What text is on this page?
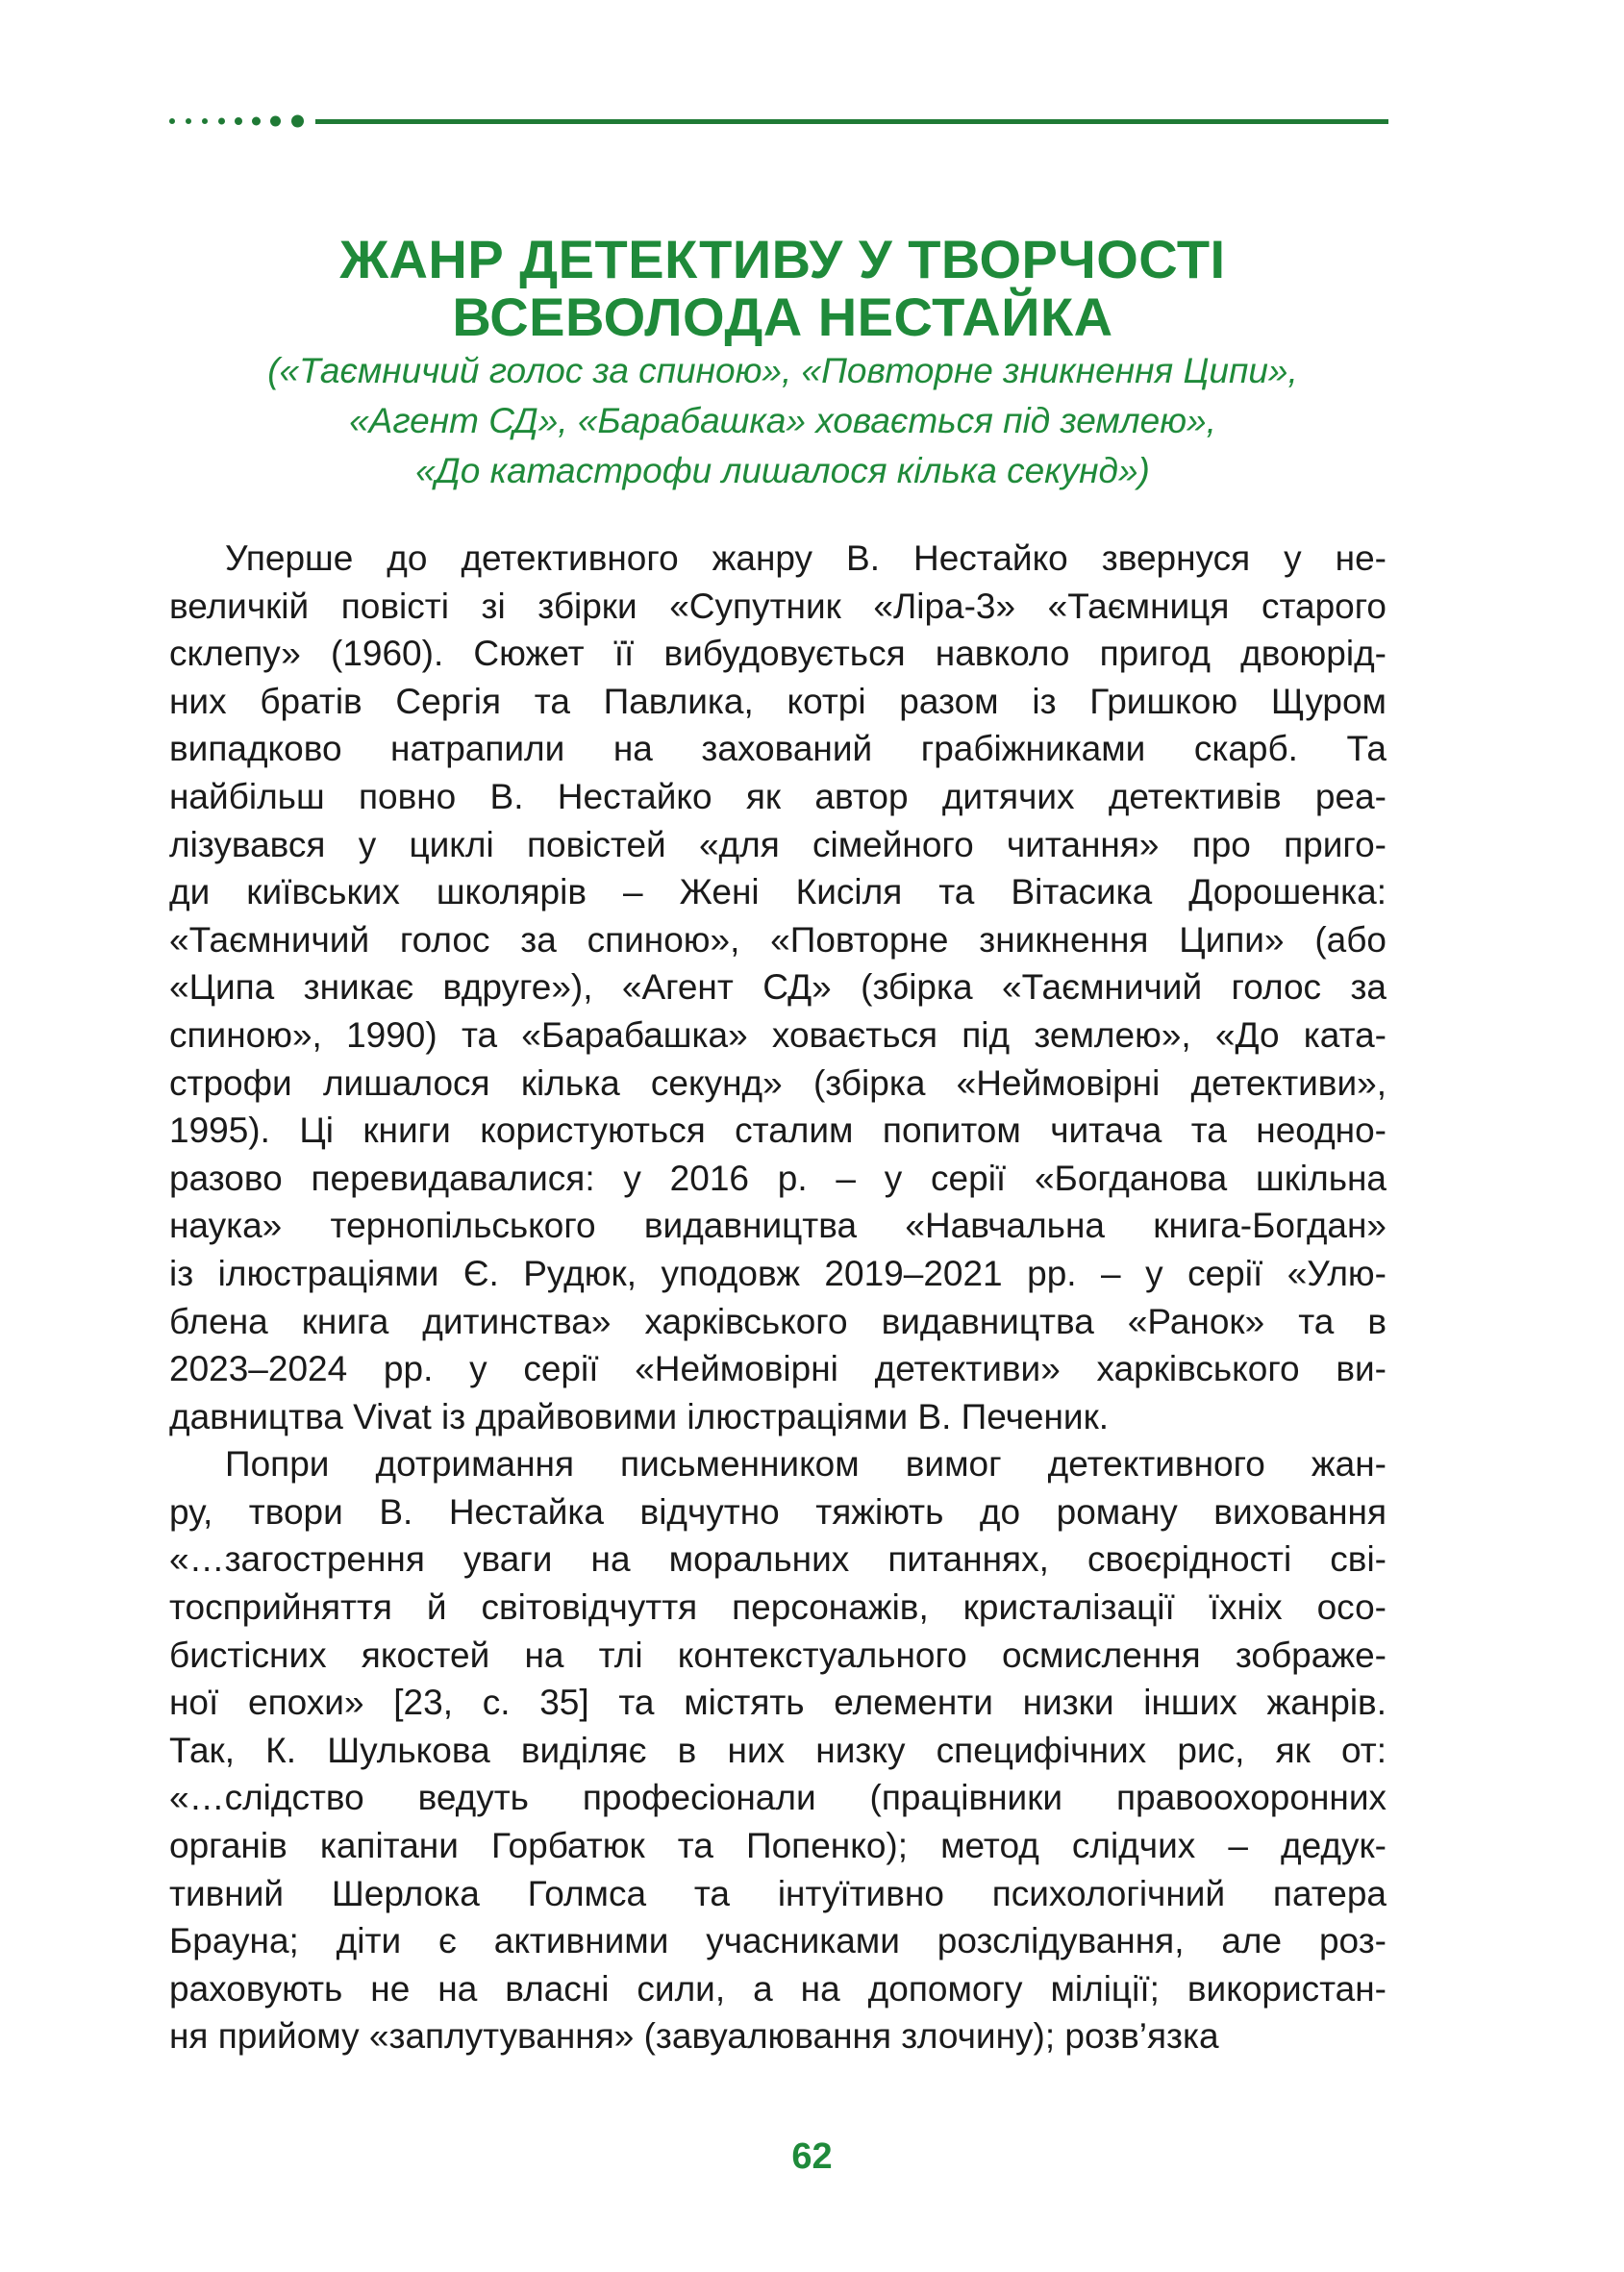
ЖАНР ДЕТЕКТИВУ У ТВОРЧОСТІ
ВСЕВОЛОДА НЕСТАЙКА
(«Таємничий голос за спиною», «Повторне зникнення Ципи»,
«Агент СД», «Барабашка» ховається під землею»,
«До катастрофи лишалося кілька секунд»)
Уперше до детективного жанру В. Нестайко звернуся у не-
величкій повісті зі збірки «Супутник «Ліра-3» «Таємниця старого
склепу» (1960). Сюжет її вибудовується навколо пригод двоюрід-
них братів Сергія та Павлика, котрі разом із Гришкою Щуром
випадково натрапили на захований грабіжниками скарб. Та
найбільш повно В. Нестайко як автор дитячих детективів реа-
лізувався у циклі повістей «для сімейного читання» про приго-
ди київських школярів – Жені Кисіля та Вітасика Дорошенка:
«Таємничий голос за спиною», «Повторне зникнення Ципи» (або
«Ципа зникає вдруге»), «Агент СД» (збірка «Таємничий голос за
спиною», 1990) та «Барабашка» ховається під землею», «До ката-
строфи лишалося кілька секунд» (збірка «Неймовірні детективи»,
1995). Ці книги користуються сталим попитом читача та неодно-
разово перевидавалися: у 2016 р. – у серії «Богданова шкільна
наука» тернопільського видавництва «Навчальна книга-Богдан»
із ілюстраціями Є. Рудюк, уподовж 2019–2021 рр. – у серії «Улю-
блена книга дитинства» харківського видавництва «Ранок» та в
2023–2024 рр. у серії «Неймовірні детективи» харківського ви-
давництва Vivat із драйвовими ілюстраціями В. Печеник.
Попри дотримання письменником вимог детективного жан-
ру, твори В. Нестайка відчутно тяжіють до роману виховання
«…загострення уваги на моральних питаннях, своєрідності сві-
тосприйняття й світовідчуття персонажів, кристалізації їхніх осо-
бистісних якостей на тлі контекстуального осмислення зображе-
ної епохи» [23, с. 35] та містять елементи низки інших жанрів.
Так, К. Шулькова виділяє в них низку специфічних рис, як от:
«…слідство ведуть професіонали (працівники правоохоронних
органів капітани Горбатюк та Попенко); метод слідчих – дедук-
тивний Шерлока Голмса та інтуїтивно психологічний патера
Брауна; діти є активними учасниками розслідування, але роз-
раховують не на власні сили, а на допомогу міліції; використан-
ня прийому «заплутування» (завуалювання злочину); розв’язка
62
